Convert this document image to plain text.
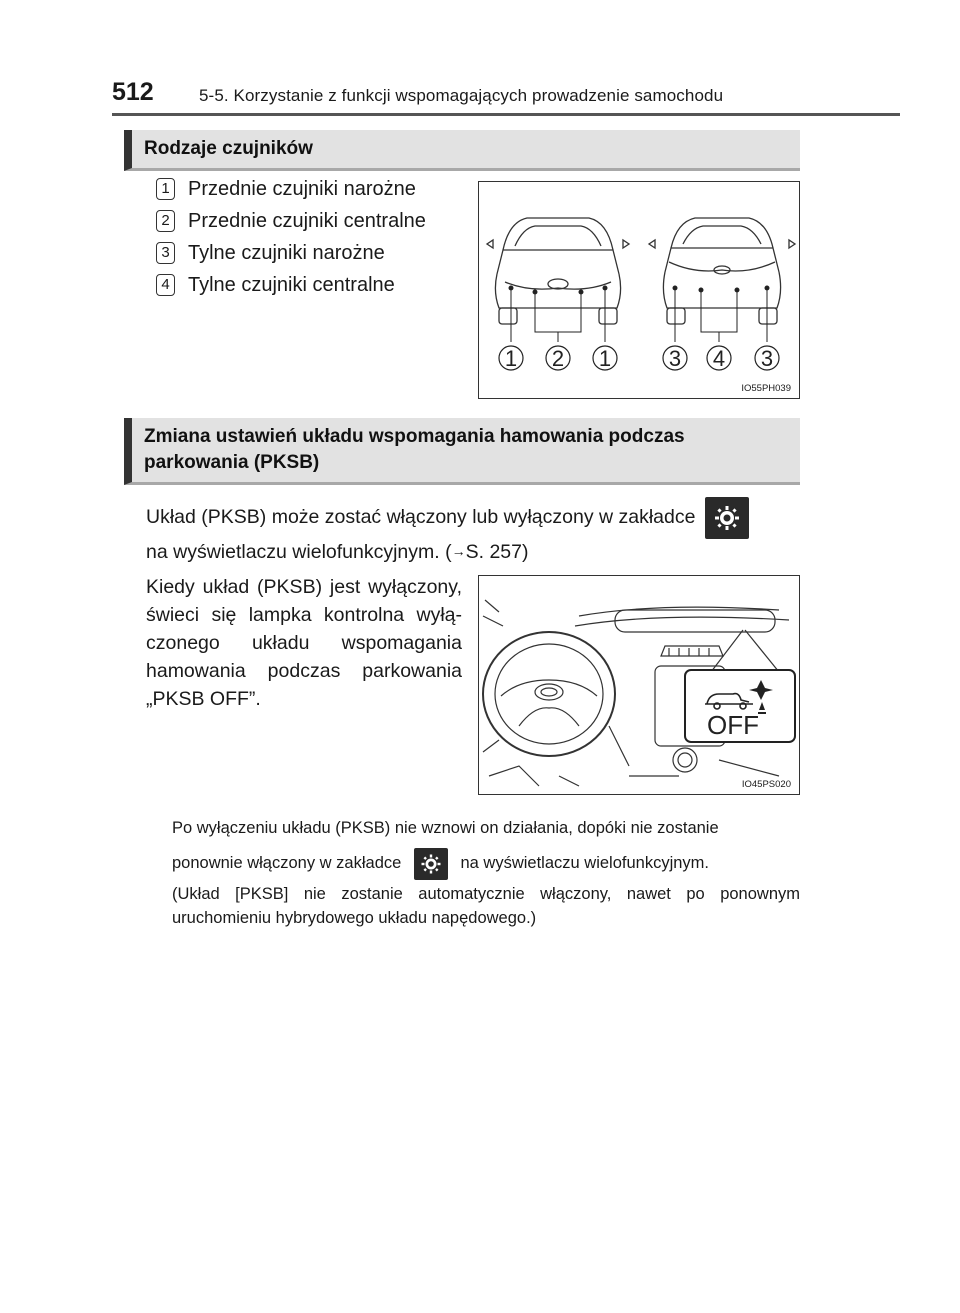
512	5-5. Korzystanie z funkcji wspomagających prowadzenie samochodu
Rodzaje czujników
1 Przednie czujniki narożne
2 Przednie czujniki centralne
3 Tylne czujniki narożne
4 Tylne czujniki centralne
1 2 1	3 4 3
IO55PH039
Zmiana ustawień układu wspomagania hamowania podczas
parkowania (PKSB)
Układ (PKSB) może zostać włączony lub wyłączony w zakładce
na wyświetlaczu wielofunkcyjnym. (→S. 257)
Kiedy układ (PKSB) jest wyłączony,
świeci się lampka kontrolna wyłą-
czonego układu wspomagania
hamowania podczas parkowania
„PKSB OFF”.
OFF
IO45PS020
Po wyłączeniu układu (PKSB) nie wznowi on działania, dopóki nie zostanie
ponownie włączony w zakładce	na wyświetlaczu wielofunkcyjnym.
(Układ [PKSB] nie zostanie automatycznie włączony, nawet po ponownym
uruchomieniu hybrydowego układu napędowego.)
